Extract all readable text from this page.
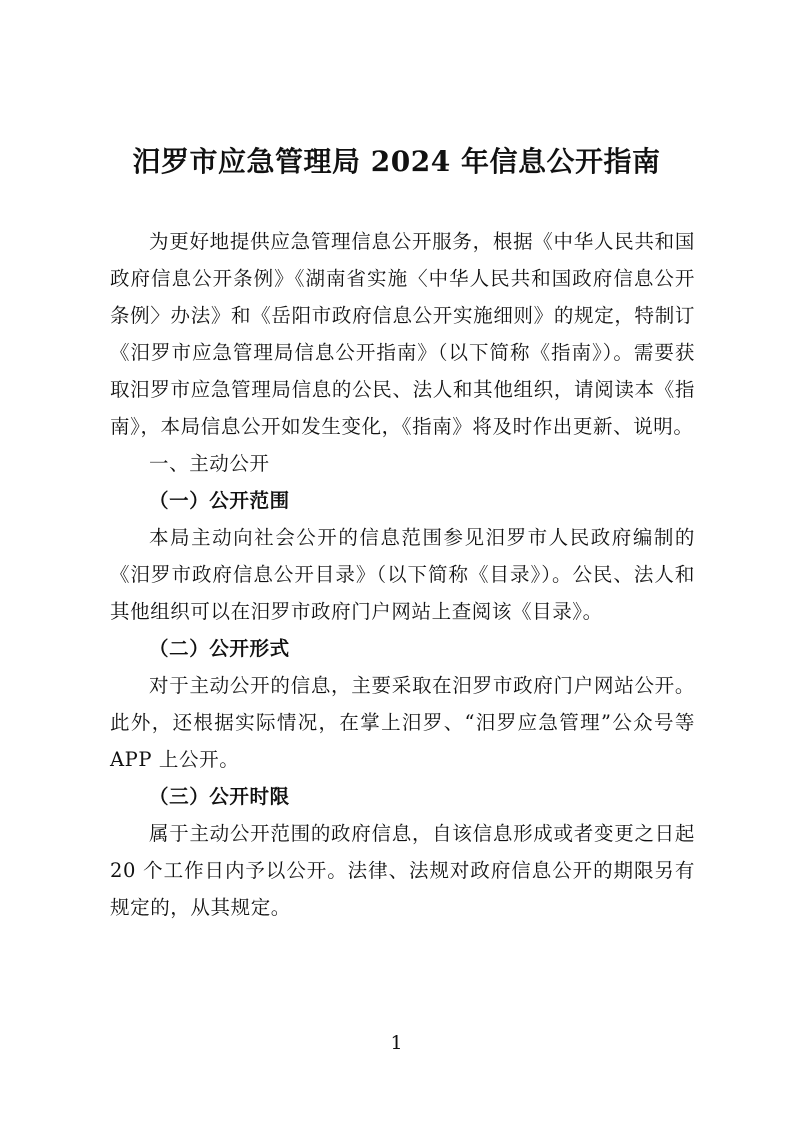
汨罗市应急管理局 2024 年信息公开指南

为更好地提供应急管理信息公开服务，根据《中华人民共和国政府信息公开条例》《湖南省实施〈中华人民共和国政府信息公开条例〉办法》和《岳阳市政府信息公开实施细则》的规定，特制订《汨罗市应急管理局信息公开指南》（以下简称《指南》）。需要获取汨罗市应急管理局信息的公民、法人和其他组织，请阅读本《指南》，本局信息公开如发生变化，《指南》将及时作出更新、说明。

一、主动公开

（一）公开范围

本局主动向社会公开的信息范围参见汨罗市人民政府编制的《汨罗市政府信息公开目录》（以下简称《目录》）。公民、法人和其他组织可以在汨罗市政府门户网站上查阅该《目录》。

（二）公开形式

对于主动公开的信息，主要采取在汨罗市政府门户网站公开。此外，还根据实际情况，在掌上汨罗、“汨罗应急管理”公众号等 APP 上公开。

（三）公开时限

属于主动公开范围的政府信息，自该信息形成或者变更之日起 20 个工作日内予以公开。法律、法规对政府信息公开的期限另有规定的，从其规定。

1
